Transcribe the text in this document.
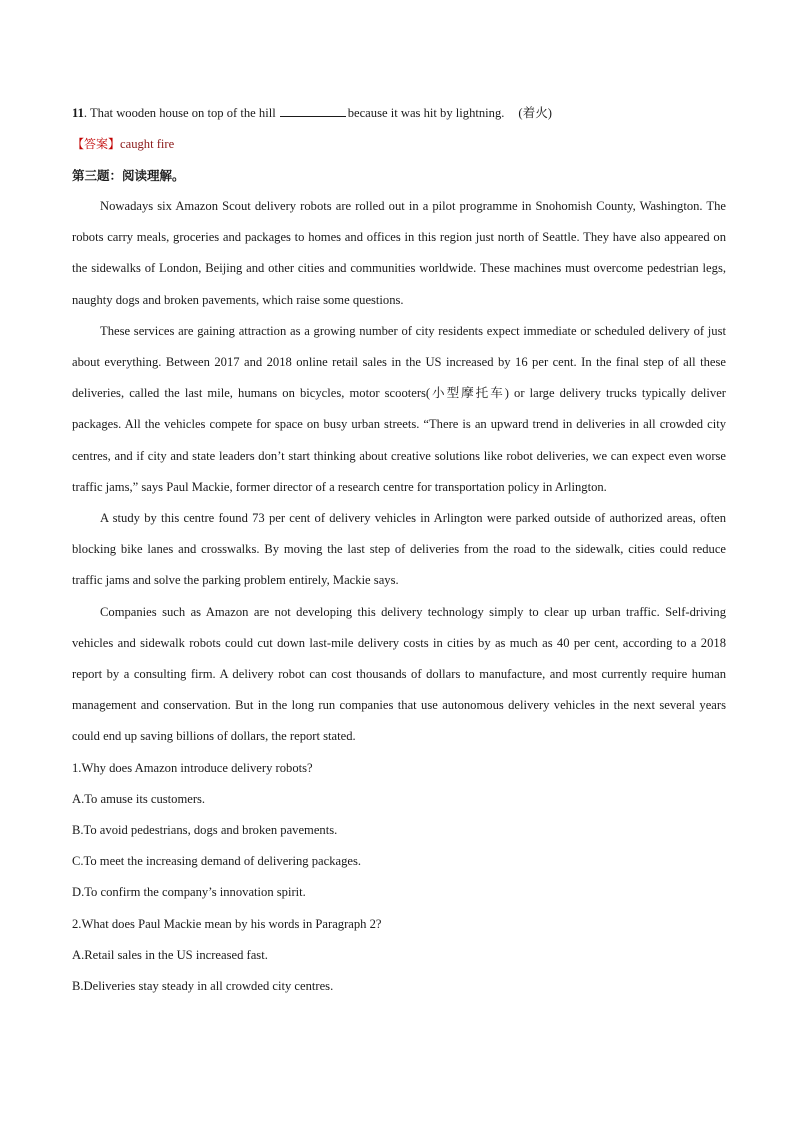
11. That wooden house on top of the hill	because it was hit by lightning. (着火)
【答案】caught fire
第三题：阅读理解。

Nowadays six Amazon Scout delivery robots are rolled out in a pilot programme in Snohomish County, Washington. The robots carry meals, groceries and packages to homes and offices in this region just north of Seattle. They have also appeared on the sidewalks of London, Beijing and other cities and communities worldwide. These machines must overcome pedestrian legs, naughty dogs and broken pavements, which raise some questions.

These services are gaining attraction as a growing number of city residents expect immediate or scheduled delivery of just about everything. Between 2017 and 2018 online retail sales in the US increased by 16 per cent. In the final step of all these deliveries, called the last mile, humans on bicycles, motor scooters(小型摩托车) or large delivery trucks typically deliver packages. All the vehicles compete for space on busy urban streets. “There is an upward trend in deliveries in all crowded city centres, and if city and state leaders don’t start thinking about creative solutions like robot deliveries, we can expect even worse traffic jams,” says Paul Mackie, former director of a research centre for transportation policy in Arlington.

A study by this centre found 73 per cent of delivery vehicles in Arlington were parked outside of authorized areas, often blocking bike lanes and crosswalks. By moving the last step of deliveries from the road to the sidewalk, cities could reduce traffic jams and solve the parking problem entirely, Mackie says.

Companies such as Amazon are not developing this delivery technology simply to clear up urban traffic. Self-driving vehicles and sidewalk robots could cut down last-mile delivery costs in cities by as much as 40 per cent, according to a 2018 report by a consulting firm. A delivery robot can cost thousands of dollars to manufacture, and most currently require human management and conservation. But in the long run companies that use autonomous delivery vehicles in the next several years could end up saving billions of dollars, the report stated.

1.Why does Amazon introduce delivery robots?
A.To amuse its customers.
B.To avoid pedestrians, dogs and broken pavements.
C.To meet the increasing demand of delivering packages.
D.To confirm the company’s innovation spirit.
2.What does Paul Mackie mean by his words in Paragraph 2?
A.Retail sales in the US increased fast.
B.Deliveries stay steady in all crowded city centres.
